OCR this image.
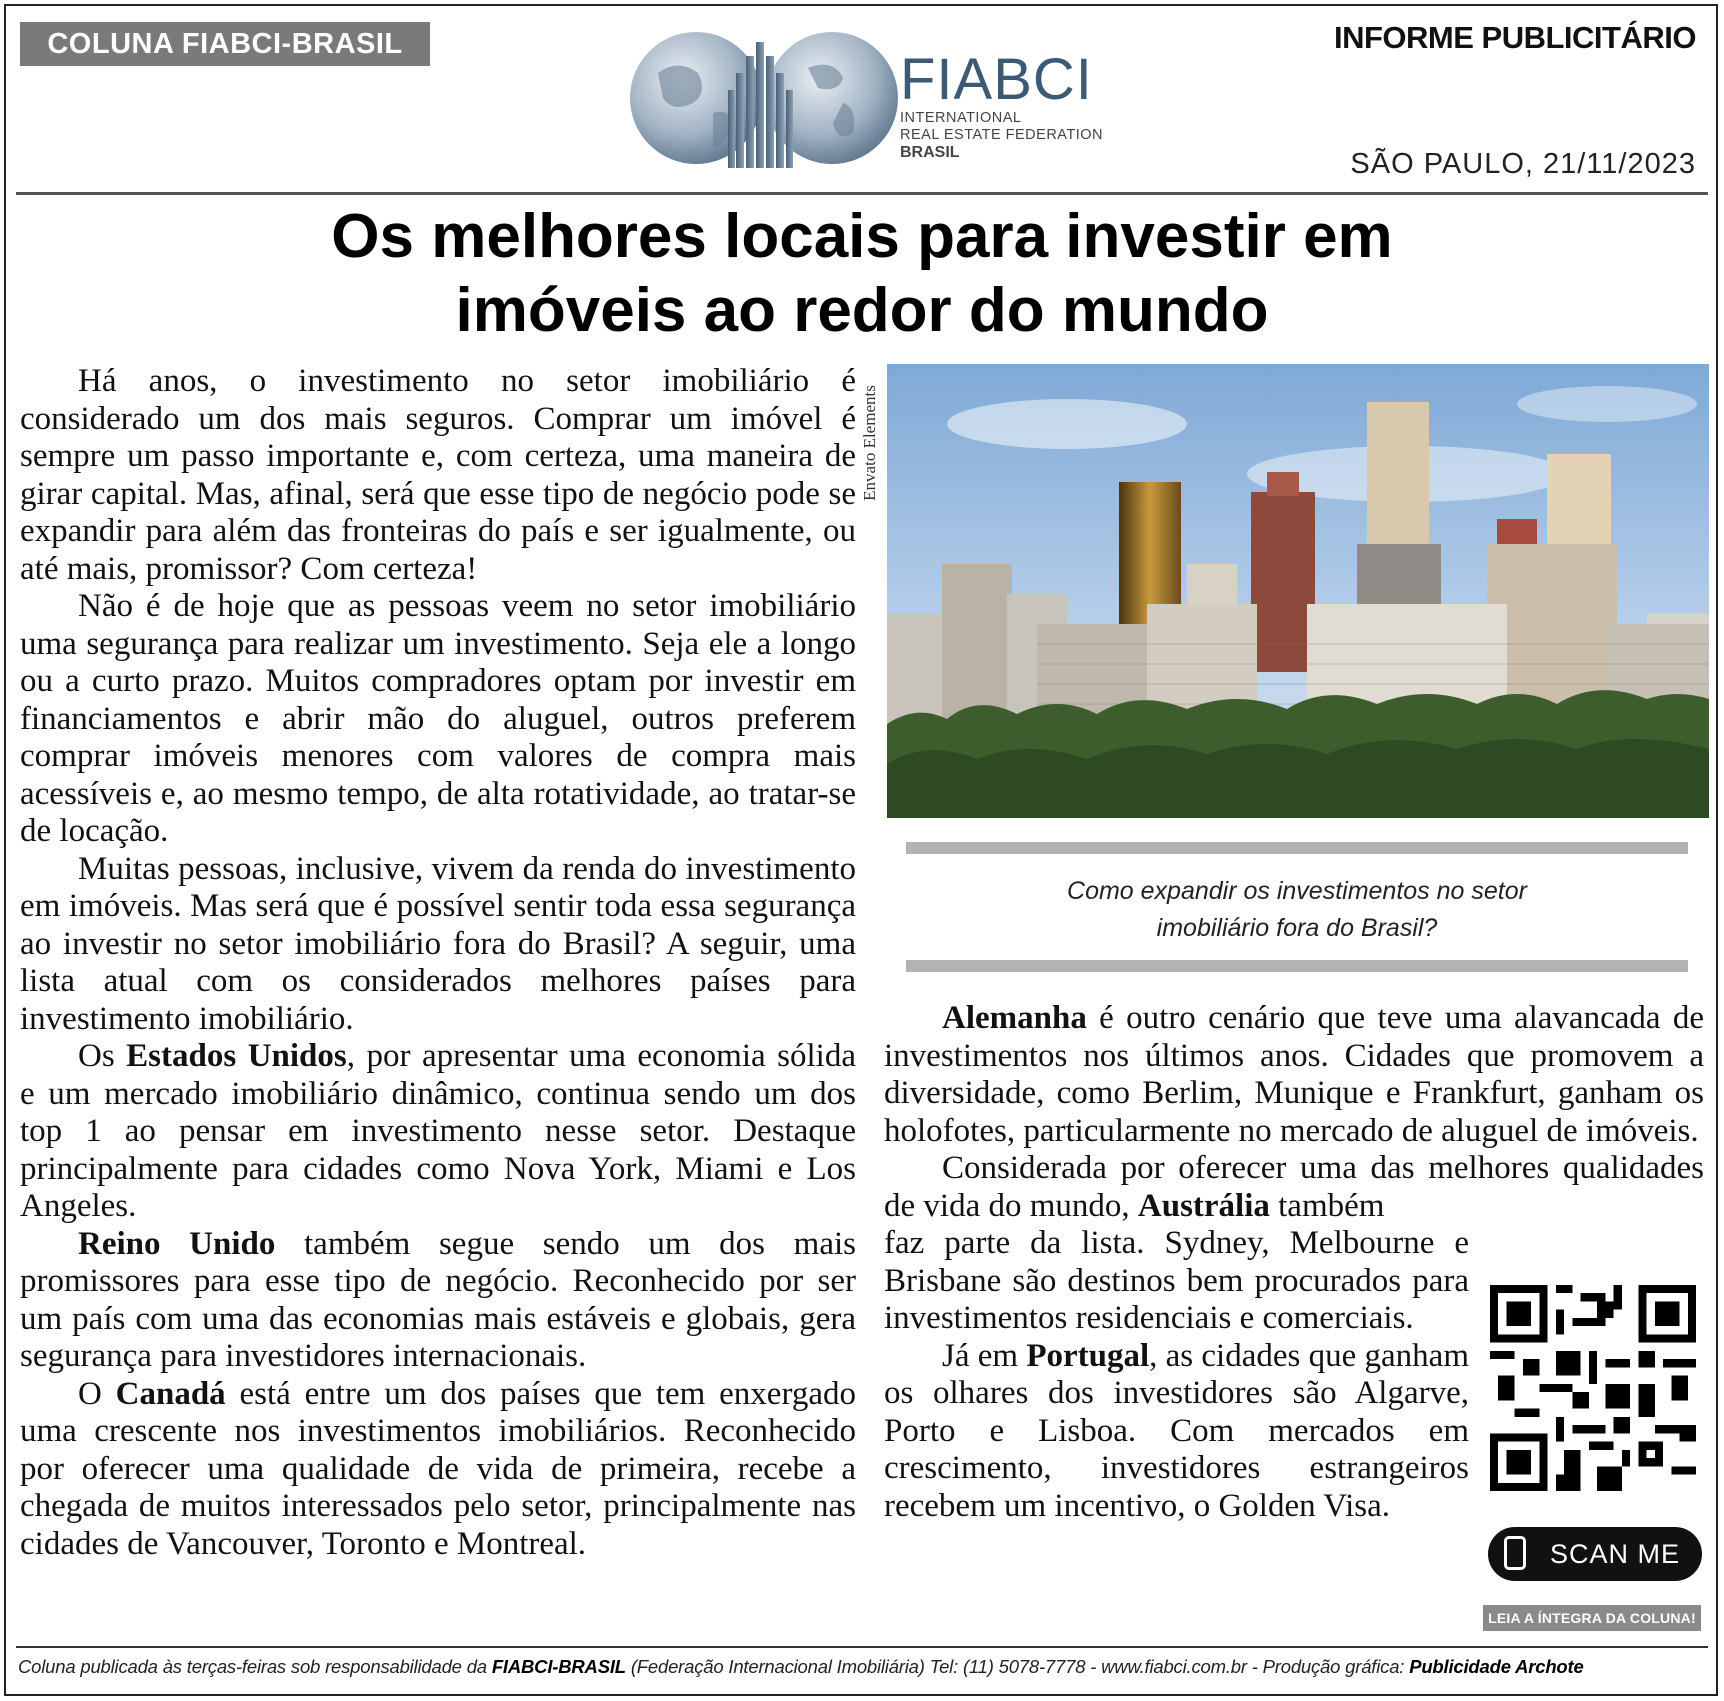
COLUNA FIABCI-BRASIL	INFORME PUBLICITÁRIO
FIABCI
INTERNATIONAL
REAL ESTATE FEDERATION
BRASIL	SÃO PAULO, 21/11/2023
Os melhores locais para investir em
imóveis ao redor do mundo

Há anos, o investimento no setor imobiliário é considerado um dos mais seguros. Comprar um imóvel é sempre um passo importante e, com certeza, uma maneira de girar capital. Mas, afinal, será que esse tipo de negócio pode se expandir para além das fronteiras do país e ser igualmente, ou até mais, promissor? Com certeza!

Não é de hoje que as pessoas veem no setor imobiliário uma segurança para realizar um investimento. Seja ele a longo ou a curto prazo. Muitos compradores optam por investir em financiamentos e abrir mão do aluguel, outros preferem comprar imóveis menores com valores de compra mais acessíveis e, ao mesmo tempo, de alta rotatividade, ao tratar-se de locação.

Muitas pessoas, inclusive, vivem da renda do investimento em imóveis. Mas será que é possível sentir toda essa segurança ao investir no setor imobiliário fora do Brasil? A seguir, uma lista atual com os considerados melhores países para investimento imobiliário.

Os Estados Unidos, por apresentar uma economia sólida e um mercado imobiliário dinâmico, continua sendo um dos top 1 ao pensar em investimento nesse setor. Destaque principalmente para cidades como Nova York, Miami e Los Angeles.

Reino Unido também segue sendo um dos mais promissores para esse tipo de negócio. Reconhecido por ser um país com uma das economias mais estáveis e globais, gera segurança para investidores internacionais.

O Canadá está entre um dos países que tem enxergado uma crescente nos investimentos imobiliários. Reconhecido por oferecer uma qualidade de vida de primeira, recebe a chegada de muitos interessados pelo setor, principalmente nas cidades de Vancouver, Toronto e Montreal.

Envato Elements
Como expandir os investimentos no setor
imobiliário fora do Brasil?

Alemanha é outro cenário que teve uma alavancada de investimentos nos últimos anos. Cidades que promovem a diversidade, como Berlim, Munique e Frankfurt, ganham os holofotes, particularmente no mercado de aluguel de imóveis.

Considerada por oferecer uma das melhores qualidades de vida do mundo, Austrália também

faz parte da lista. Sydney, Melbourne e Brisbane são destinos bem procurados para investimentos residenciais e comerciais.

Já em Portugal, as cidades que ganham os olhares dos investidores são Algarve, Porto e Lisboa. Com mercados em crescimento, investidores estrangeiros recebem um incentivo, o Golden Visa.

SCAN ME
LEIA A ÍNTEGRA DA COLUNA!
Coluna publicada às terças-feiras sob responsabilidade da FIABCI-BRASIL (Federação Internacional Imobiliária) Tel: (11) 5078-7778 - www.fiabci.com.br - Produção gráfica: Publicidade Archote
